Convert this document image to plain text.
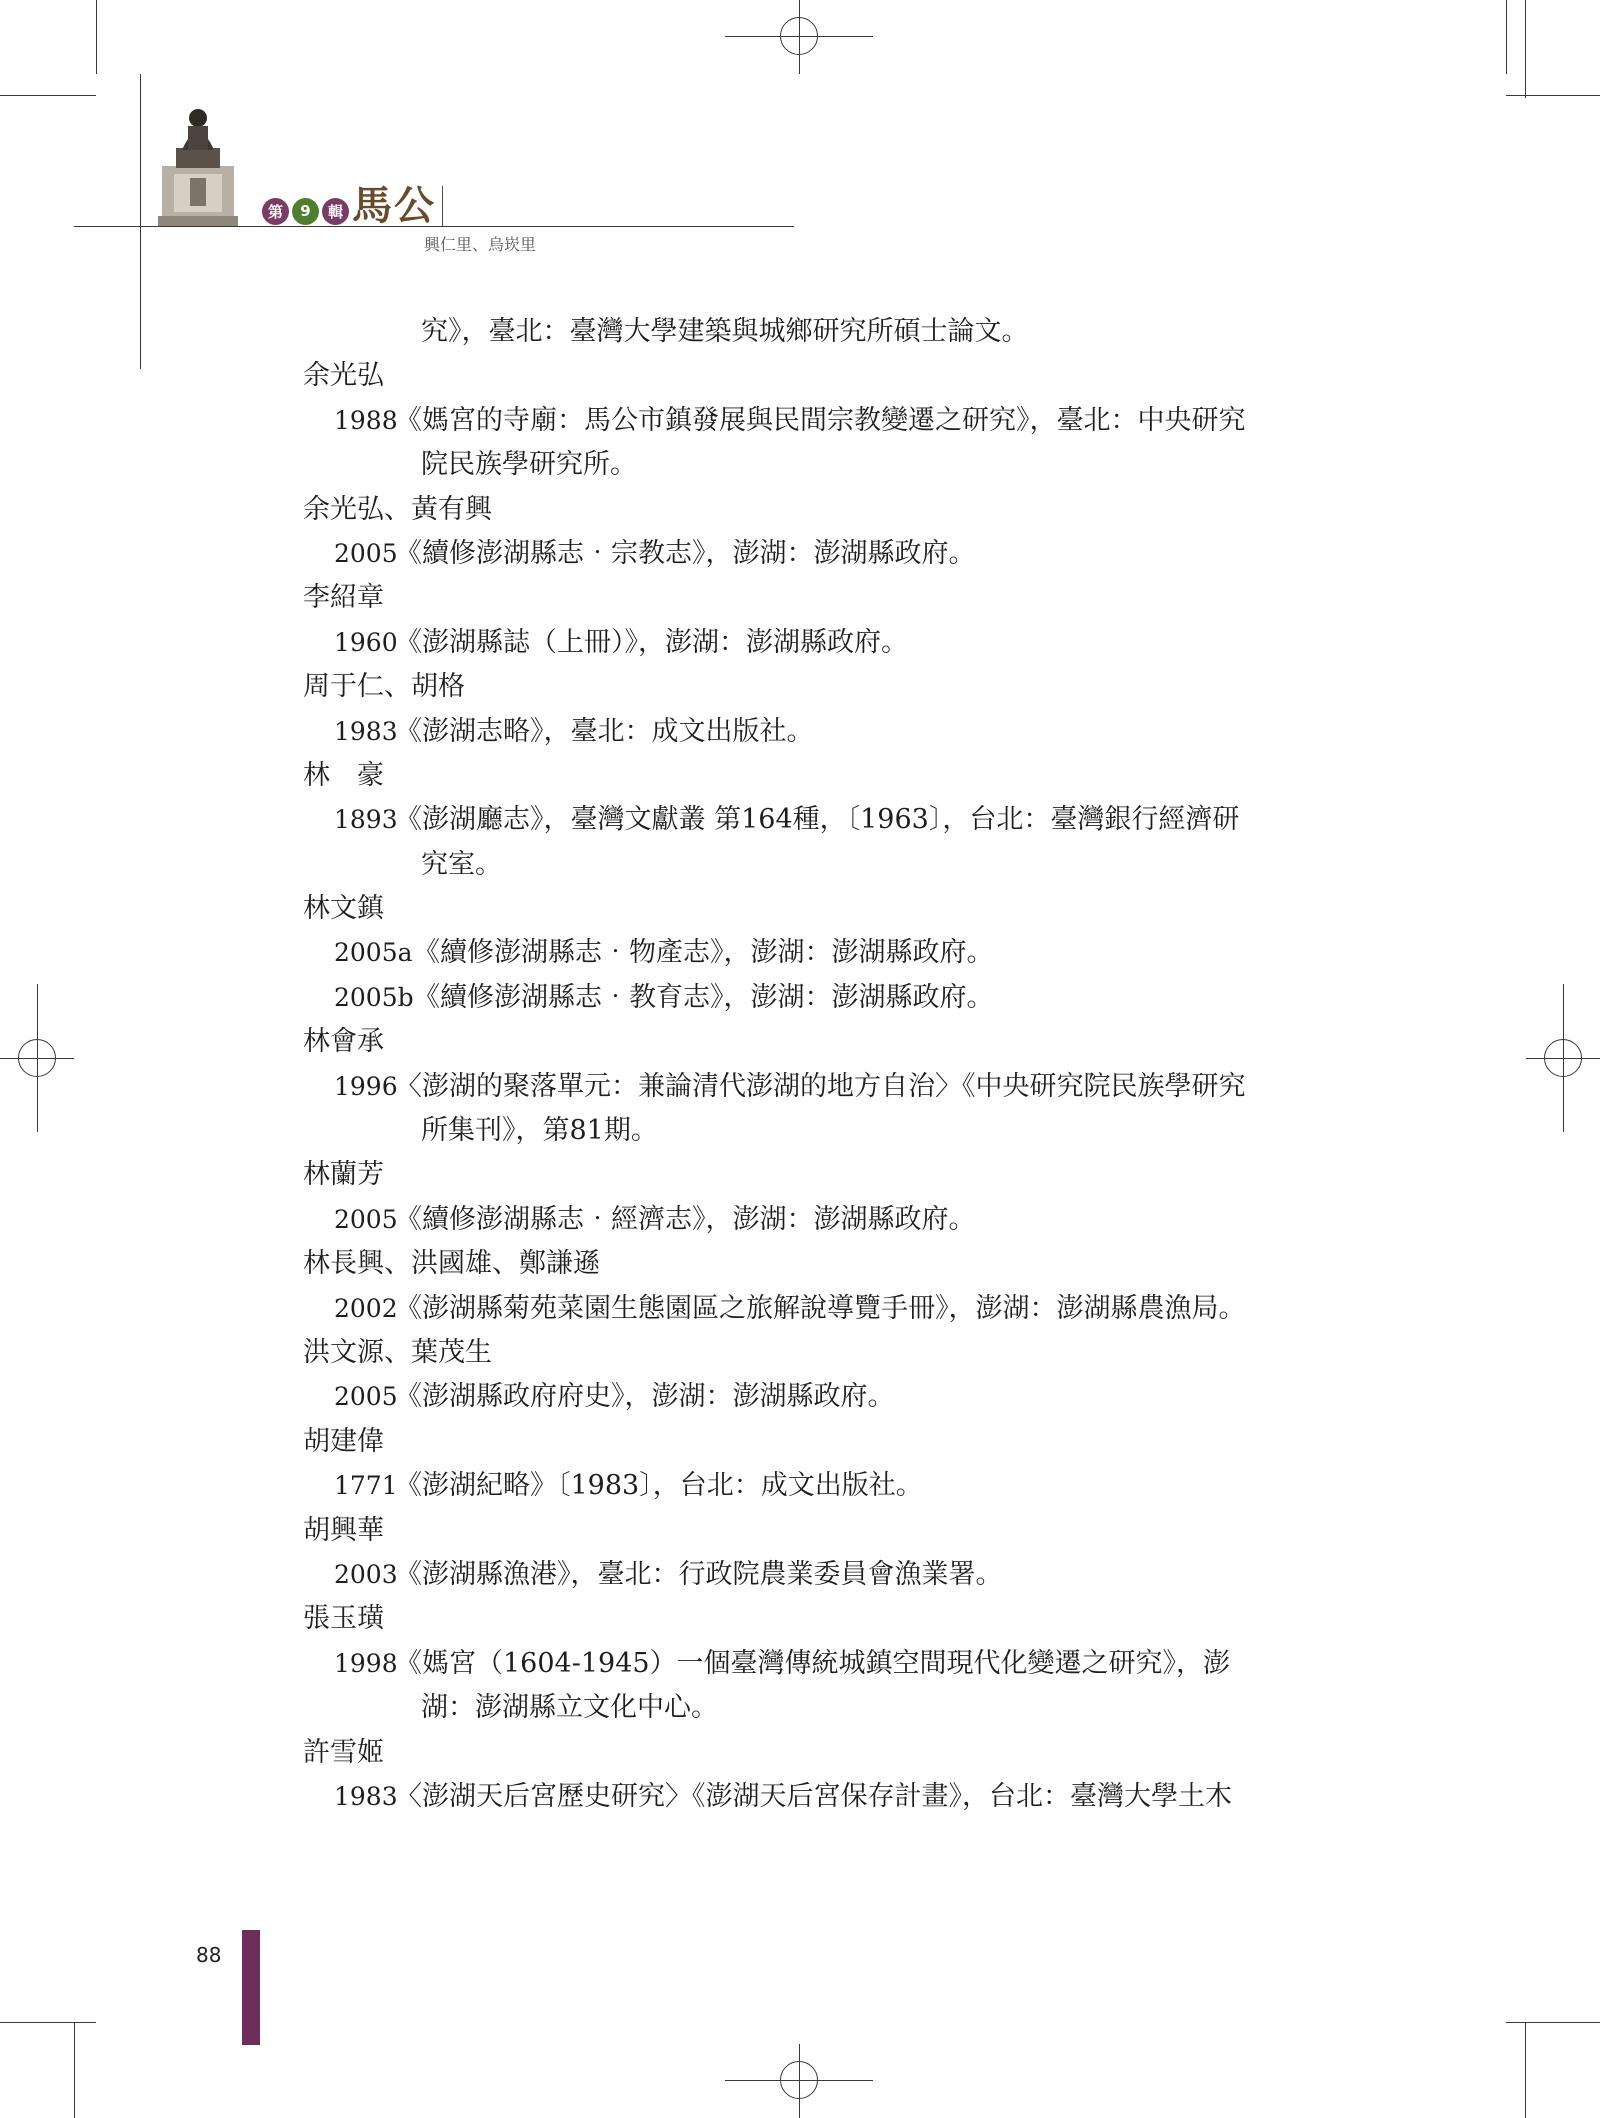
第	9	輯 馬公
興仁里、烏崁里
究》，臺北：臺灣大學建築與城鄉研究所碩士論文。
余光弘
1988
《媽宮的寺廟：馬公市鎮發展與民間宗教變遷之研究》，臺北：中央研究
院民族學研究所。
余光弘、黃有興
2005
《續修澎湖縣志‧宗教志》，澎湖：澎湖縣政府。
李紹章
1960
《澎湖縣誌（上冊）》，澎湖：澎湖縣政府。
周于仁、胡格
1983
《澎湖志略》，臺北：成文出版社。
林　豪
1893
《澎湖廳志》，臺灣文獻叢 第164種，〔1963〕，台北：臺灣銀行經濟研
究室。
林文鎮
2005a 《續修澎湖縣志‧物產志》，澎湖：澎湖縣政府。
2005b 《續修澎湖縣志‧教育志》，澎湖：澎湖縣政府。
林會承
1996
〈澎湖的聚落單元：兼論清代澎湖的地方自治〉《中央研究院民族學研究
所集刊》，第81期。
林蘭芳
2005
《續修澎湖縣志‧經濟志》，澎湖：澎湖縣政府。
林長興、洪國雄、鄭謙遜
2002
《澎湖縣菊苑菜園生態園區之旅解說導覽手冊》，澎湖：澎湖縣農漁局。
洪文源、葉茂生
2005
《澎湖縣政府府史》，澎湖：澎湖縣政府。
胡建偉
1771
《澎湖紀略》〔1983〕，台北：成文出版社。
胡興華
2003
《澎湖縣漁港》，臺北：行政院農業委員會漁業署。
張玉璜
1998
《媽宮（1604-1945）一個臺灣傳統城鎮空間現代化變遷之研究》，澎
湖：澎湖縣立文化中心。
許雪姬
1983
〈澎湖天后宮歷史研究〉《澎湖天后宮保存計畫》，台北：臺灣大學土木
88
